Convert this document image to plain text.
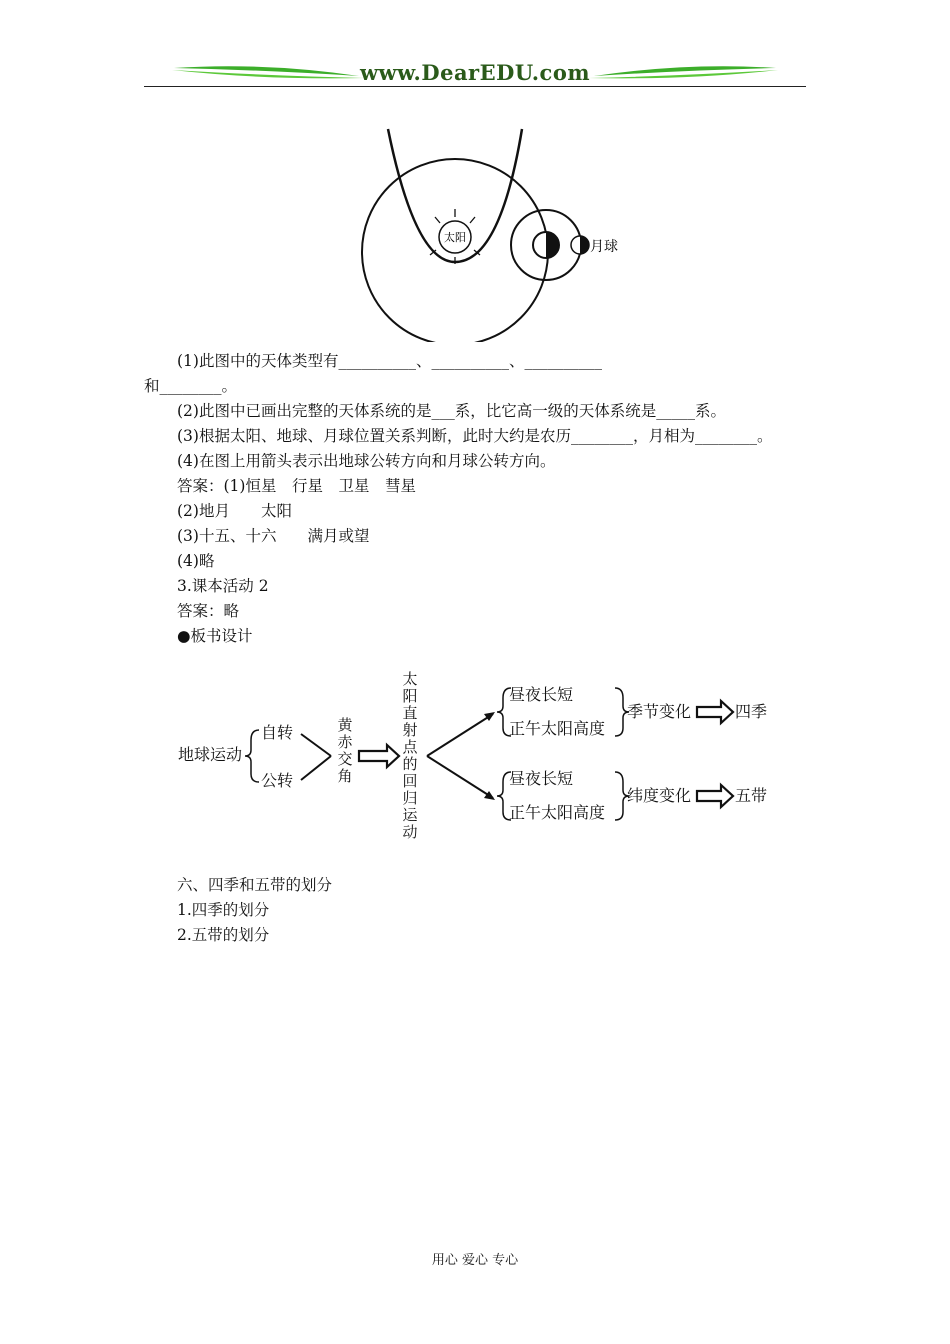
www.DearEDU.com
太阳
月球
(1)此图中的天体类型有__________、__________、__________
和________。
(2)此图中已画出完整的天体系统的是___系，比它高一级的天体系统是_____系。
(3)根据太阳、地球、月球位置关系判断，此时大约是农历________，月相为________。
(4)在图上用箭头表示出地球公转方向和月球公转方向。
答案：(1)恒星　行星　卫星　彗星
(2)地月　　太阳
(3)十五、十六　　满月或望
(4)略
3.课本活动 2
答案：略
●板书设计
地球运动
自转
公转
黄
赤
交
角
太
阳
直
射
点
的
回
归
运
动
昼夜长短
正午太阳高度
季节变化	四季
昼夜长短
正午太阳高度
纬度变化	五带
六、四季和五带的划分
1.四季的划分
2.五带的划分
用心 爱心 专心
